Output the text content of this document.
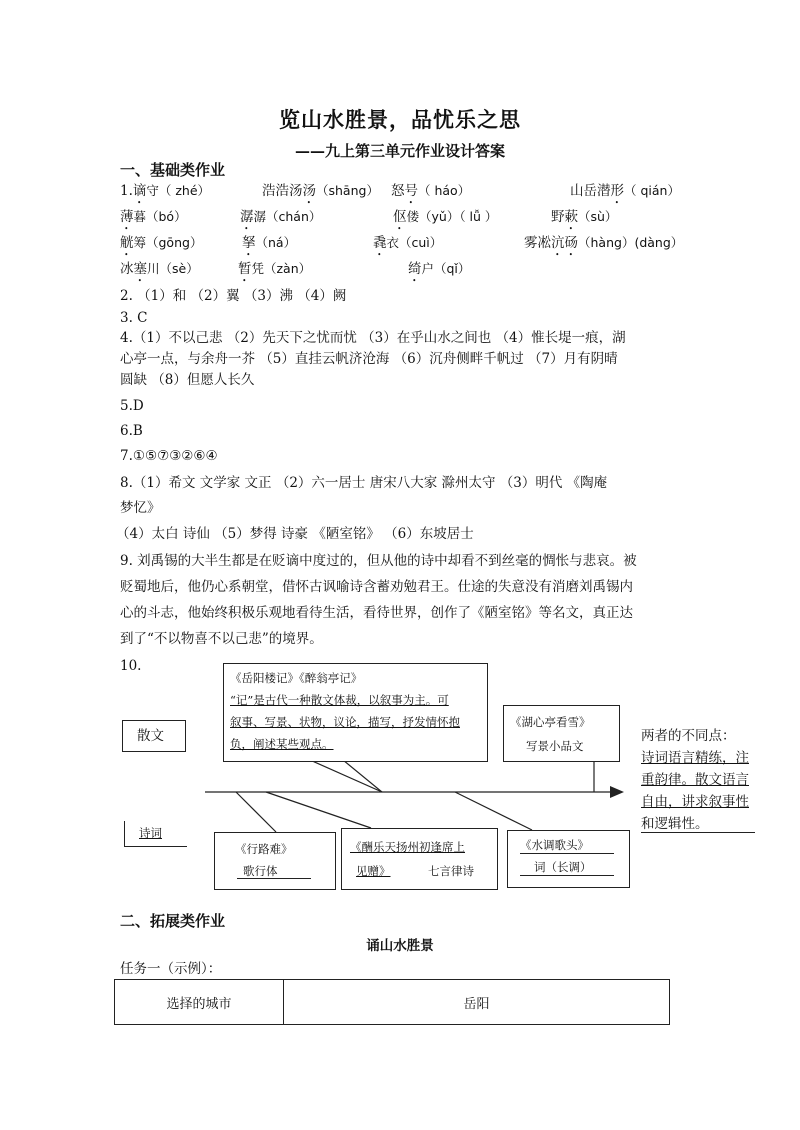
览山水胜景，品忧乐之思
——九上第三单元作业设计答案
一、基础类作业
1.谪守（ zhé）	浩浩汤汤（shāng） 怒号（ háo）	山岳潜形（ qián）
薄暮（bó）	潺潺（chán）	伛偻（yǔ）（ lǚ ）	野蔌（sù）
觥筹（gōng）	拏（ná）	毳衣（cuì）	雾凇沆砀（hàng）(dàng）
冰塞川（sè）	暂凭（zàn）	绮户（qǐ）
2. （1）和 （2）翼 （3）沸 （4）阙
3. C
4.（1）不以己悲 （2）先天下之忧而忧 （3）在乎山水之间也 （4）惟长堤一痕，湖
心亭一点，与余舟一芥 （5）直挂云帆济沧海 （6）沉舟侧畔千帆过 （7）月有阴晴
圆缺 （8）但愿人长久
5.D
6.B
7.①⑤⑦③②⑥④
8.（1）希文 文学家 文正 （2）六一居士 唐宋八大家 滁州太守 （3）明代 《陶庵
梦忆》
（4）太白 诗仙 （5）梦得 诗豪 《陋室铭》 （6）东坡居士
9. 刘禹锡的大半生都是在贬谪中度过的，但从他的诗中却看不到丝毫的惆怅与悲哀。被
贬蜀地后，他仍心系朝堂，借怀古讽喻诗含蓄劝勉君王。仕途的失意没有消磨刘禹锡内
心的斗志，他始终积极乐观地看待生活，看待世界，创作了《陋室铭》等名文，真正达
到了“不以物喜不以己悲”的境界。
10.
《岳阳楼记》《醉翁亭记》
“记”是古代一种散文体裁，以叙事为主。可
叙事、写景、状物，议论，描写，抒发情怀抱
负，阐述某些观点。
《湖心亭看雪》
写景小品文
散文
诗词
两者的不同点：
诗词语言精练，注
重韵律。散文语言
自由，讲求叙事性
和逻辑性。
《行路难》
歌行体
《酬乐天扬州初逢席上
见赠》	七言律诗
《水调歌头》
词（长调）
二、拓展类作业
诵山水胜景
任务一（示例）：
选择的城市	岳阳
